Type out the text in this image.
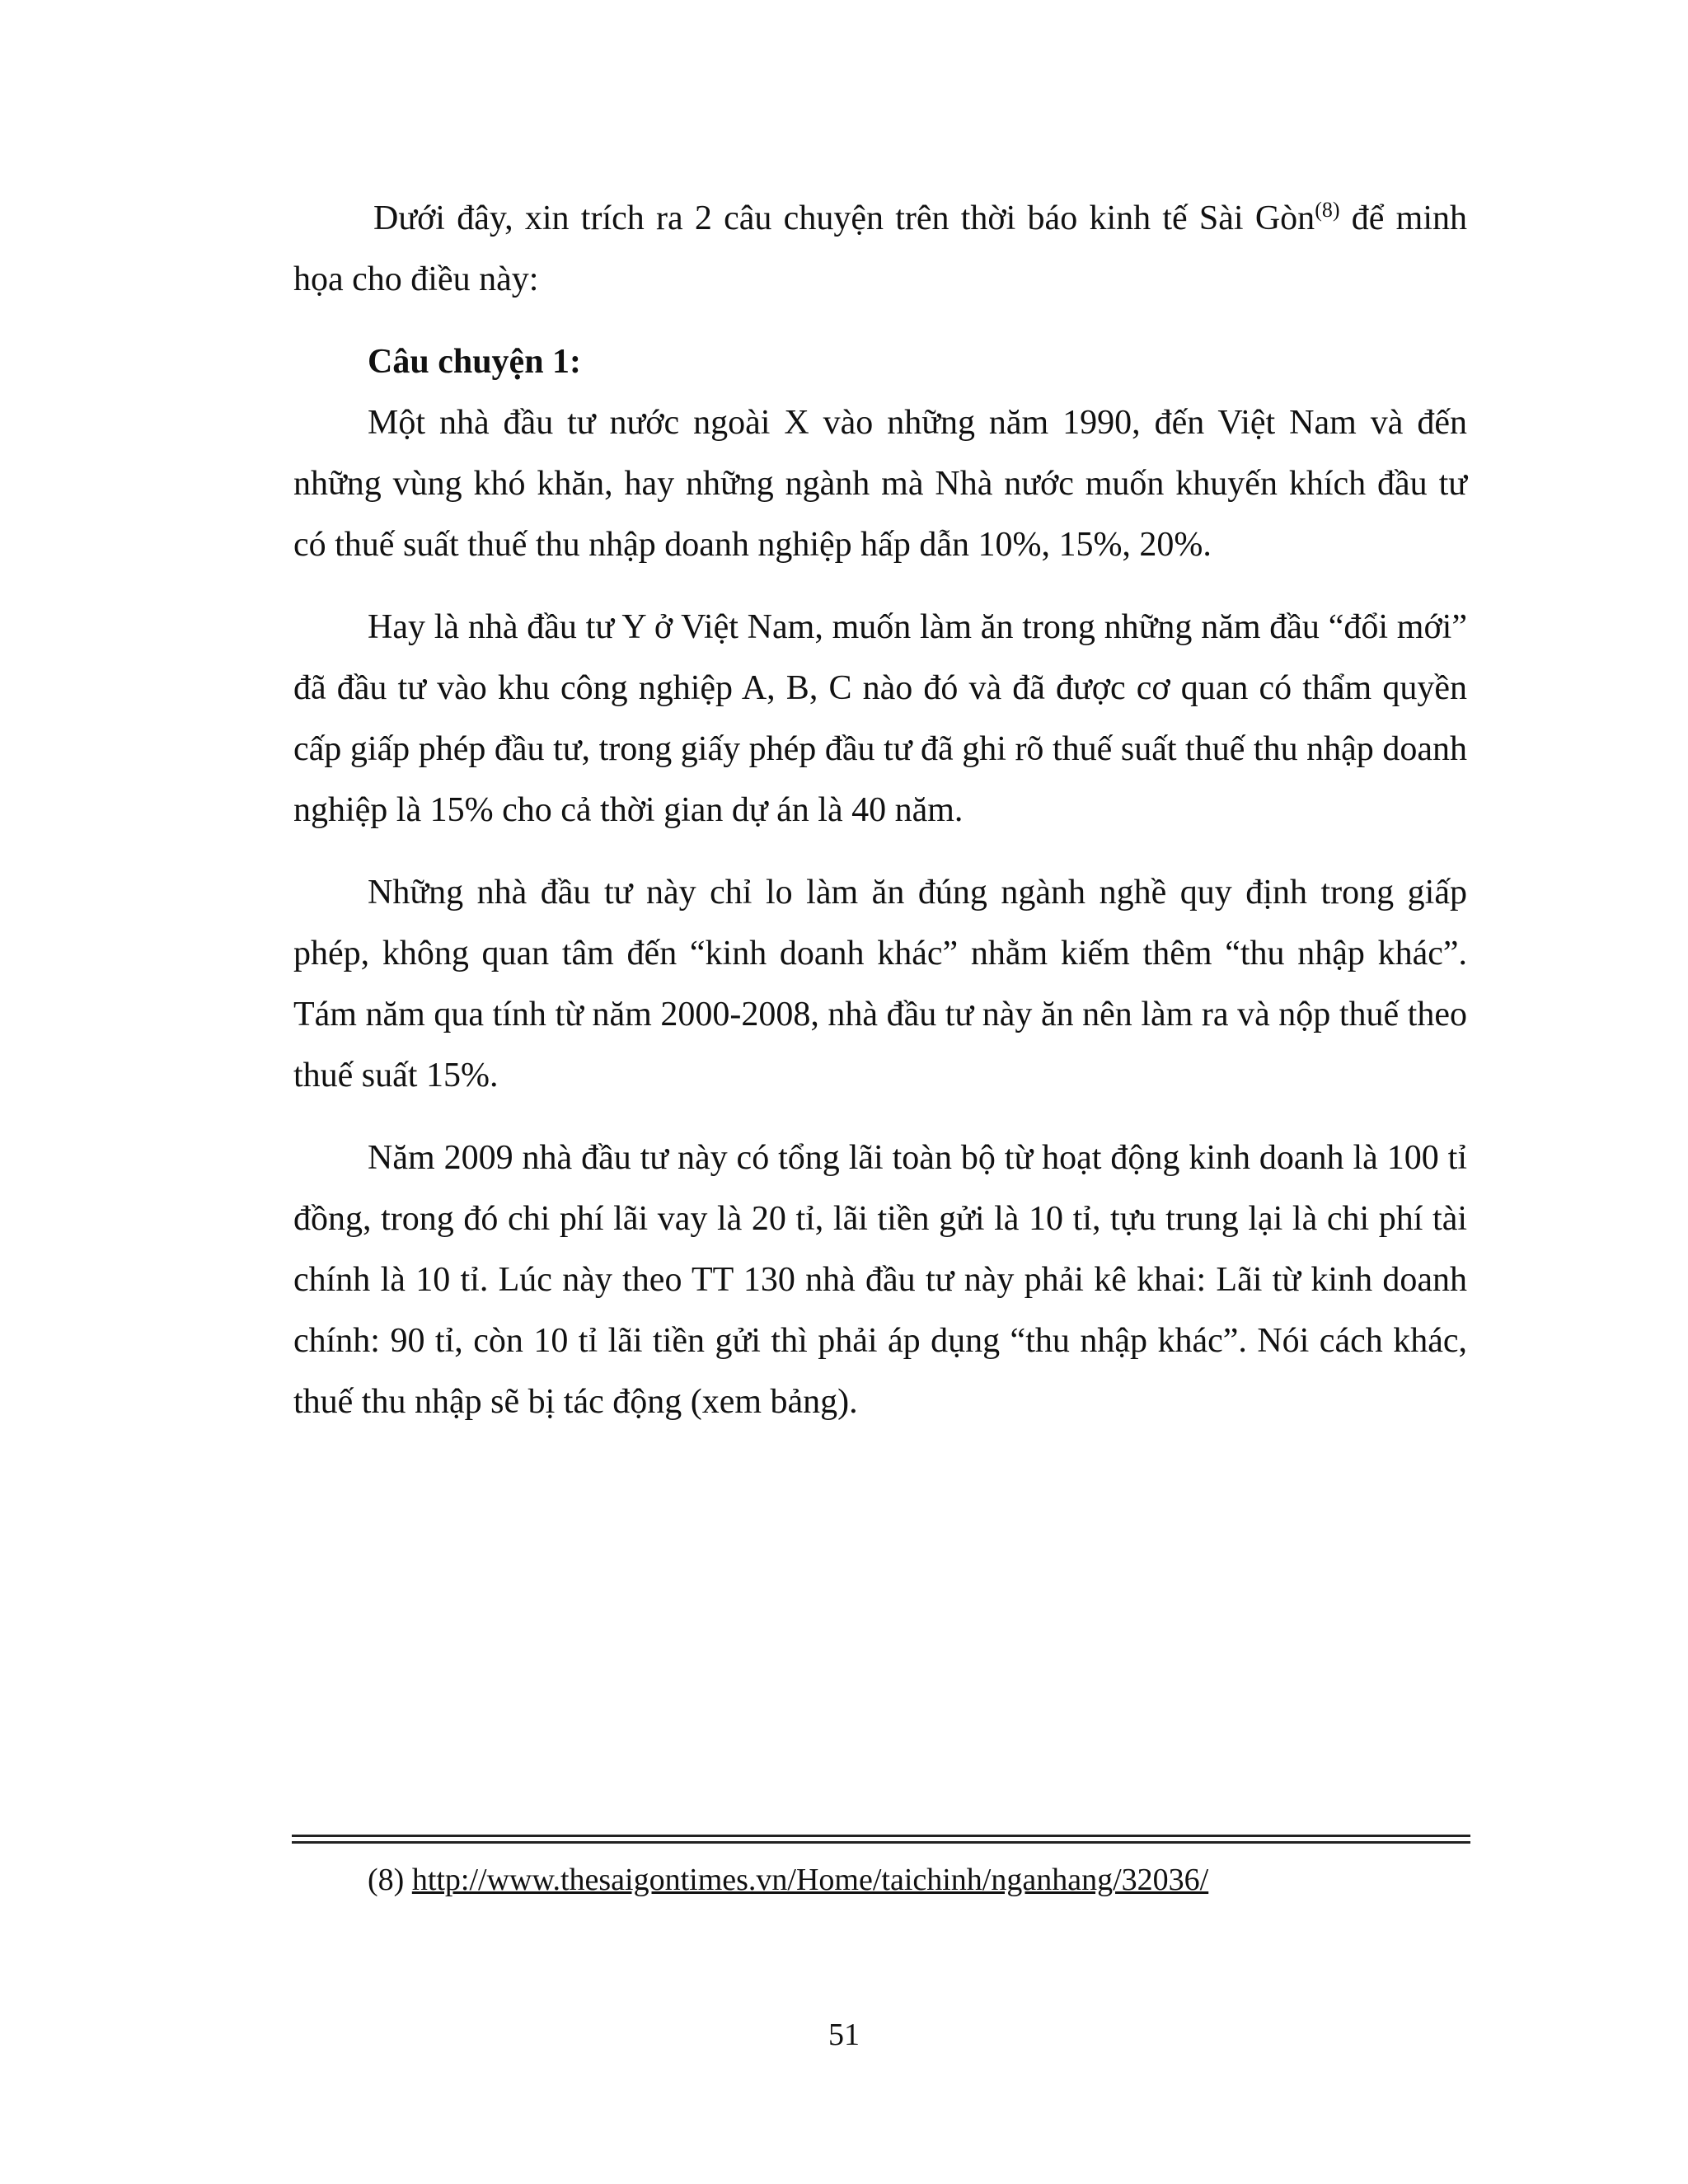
Dưới đây, xin trích ra 2 câu chuyện trên thời báo kinh tế Sài Gòn$^{(8)}$ để minh họa cho điều này:

Câu chuyện 1:

Một nhà đầu tư nước ngoài X vào những năm 1990, đến Việt Nam và đến những vùng khó khăn, hay những ngành mà Nhà nước muốn khuyến khích đầu tư có thuế suất thuế thu nhập doanh nghiệp hấp dẫn 10%, 15%, 20%.

Hay là nhà đầu tư Y ở Việt Nam, muốn làm ăn trong những năm đầu “đổi mới” đã đầu tư vào khu công nghiệp A, B, C nào đó và đã được cơ quan có thẩm quyền cấp giấp phép đầu tư, trong giấy phép đầu tư đã ghi rõ thuế suất thuế thu nhập doanh nghiệp là 15% cho cả thời gian dự án là 40 năm.

Những nhà đầu tư này chỉ lo làm ăn đúng ngành nghề quy định trong giấp phép, không quan tâm đến “kinh doanh khác” nhằm kiếm thêm “thu nhập khác”. Tám năm qua tính từ năm 2000-2008, nhà đầu tư này ăn nên làm ra và nộp thuế theo thuế suất 15%.

Năm 2009 nhà đầu tư này có tổng lãi toàn bộ từ hoạt động kinh doanh là 100 tỉ đồng, trong đó chi phí lãi vay là 20 tỉ, lãi tiền gửi là 10 tỉ, tựu trung lại là chi phí tài chính là 10 tỉ. Lúc này theo TT 130 nhà đầu tư này phải kê khai: Lãi từ kinh doanh chính: 90 tỉ, còn 10 tỉ lãi tiền gửi thì phải áp dụng “thu nhập khác”. Nói cách khác, thuế thu nhập sẽ bị tác động (xem bảng).

(8) http://www.thesaigontimes.vn/Home/taichinh/nganhang/32036/
51
